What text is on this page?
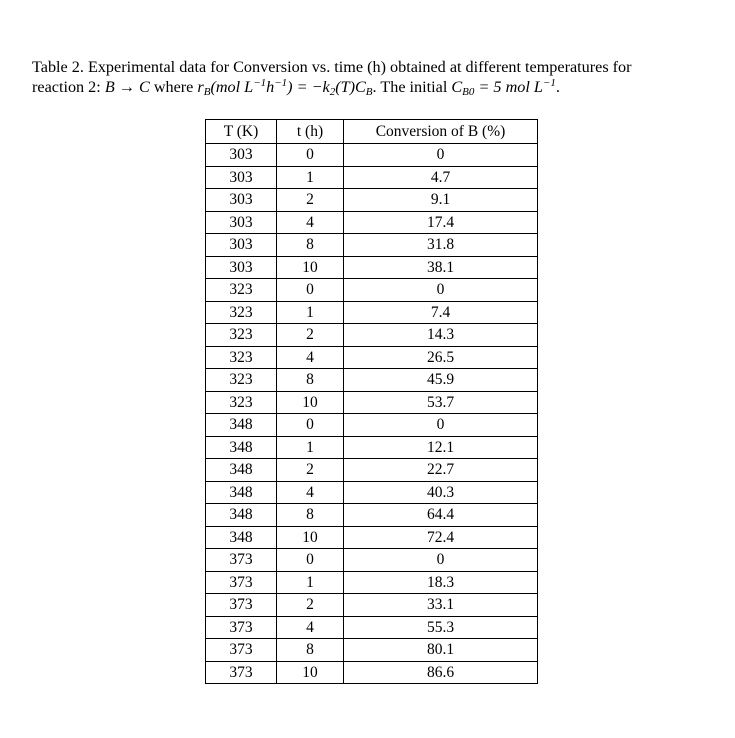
Table 2. Experimental data for Conversion vs. time (h) obtained at different temperatures for
reaction 2: B → C where $r_B(mol$ $L^{-1}h^{-1}) = -k_2(T)C_B$. The initial $C_{B0} = 5$ mol $L^{-1}$.
T (K)	t (h)	Conversion of B (%)
303	0	0
303	1	4.7
303	2	9.1
303	4	17.4
303	8	31.8
303	10	38.1
323	0	0
323	1	7.4
323	2	14.3
323	4	26.5
323	8	45.9
323	10	53.7
348	0	0
348	1	12.1
348	2	22.7
348	4	40.3
348	8	64.4
348	10	72.4
373	0	0
373	1	18.3
373	2	33.1
373	4	55.3
373	8	80.1
373	10	86.6
